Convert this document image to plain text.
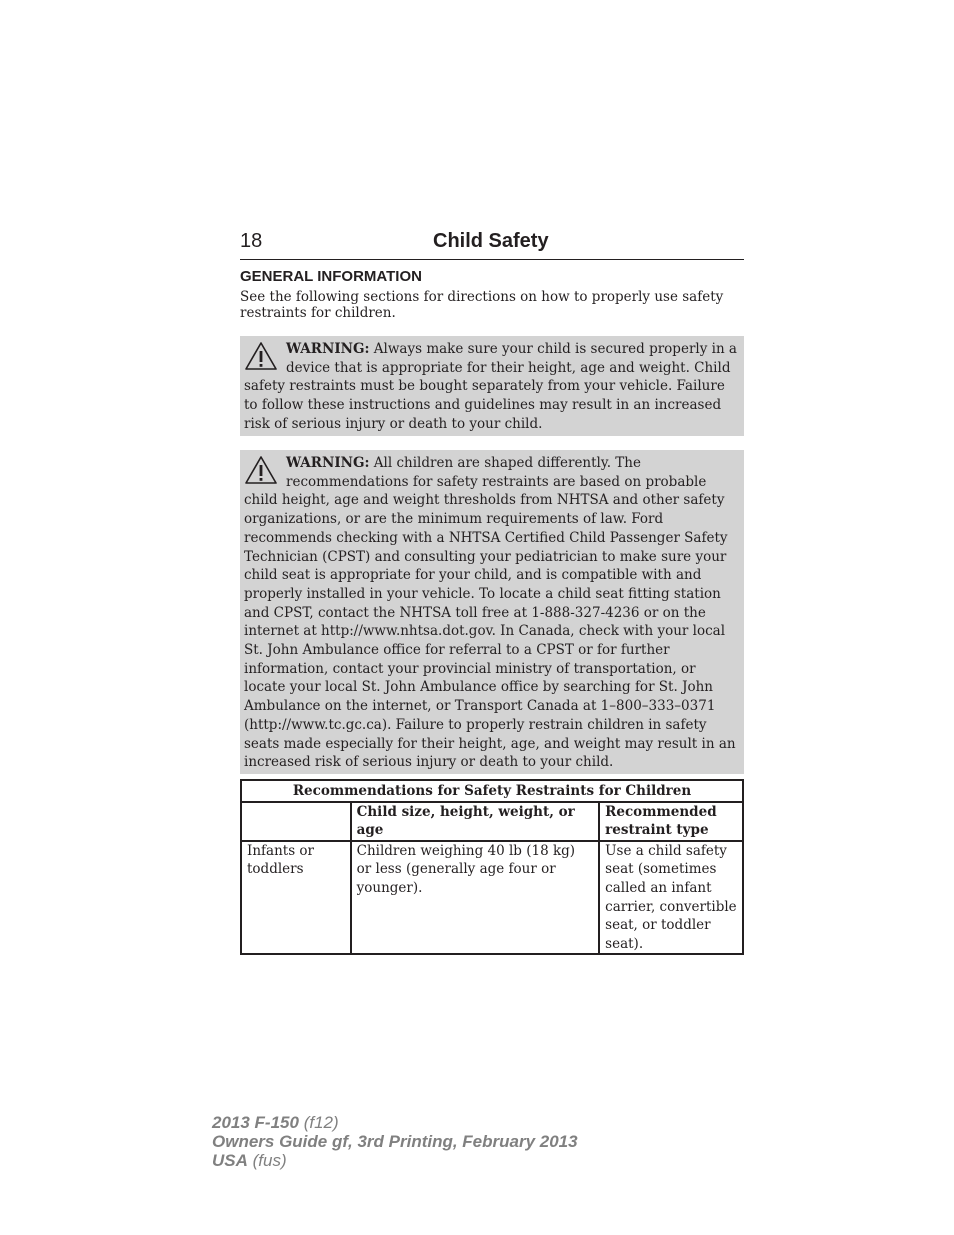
18	Child Safety
GENERAL INFORMATION

See the following sections for directions on how to properly use safety restraints for children.

WARNING: Always make sure your child is secured properly in a device that is appropriate for their height, age and weight. Child safety restraints must be bought separately from your vehicle. Failure to follow these instructions and guidelines may result in an increased risk of serious injury or death to your child.

WARNING: All children are shaped differently. The recommendations for safety restraints are based on probable child height, age and weight thresholds from NHTSA and other safety organizations, or are the minimum requirements of law. Ford recommends checking with a NHTSA Certified Child Passenger Safety Technician (CPST) and consulting your pediatrician to make sure your child seat is appropriate for your child, and is compatible with and properly installed in your vehicle. To locate a child seat fitting station and CPST, contact the NHTSA toll free at 1-888-327-4236 or on the internet at http://www.nhtsa.dot.gov. In Canada, check with your local St. John Ambulance office for referral to a CPST or for further information, contact your provincial ministry of transportation, or locate your local St. John Ambulance office by searching for St. John Ambulance on the internet, or Transport Canada at 1–800–333–0371 (http://www.tc.gc.ca). Failure to properly restrain children in safety seats made especially for their height, age, and weight may result in an increased risk of serious injury or death to your child.

Recommendations for Safety Restraints for Children		
	Child size, height, weight, or age	Recommended restraint type
Infants or toddlers	Children weighing 40 lb (18 kg) or less (generally age four or younger).	Use a child safety seat (sometimes called an infant carrier, convertible seat, or toddler seat).
2013 F-150 (f12)
Owners Guide gf, 3rd Printing, February 2013
USA (fus)
